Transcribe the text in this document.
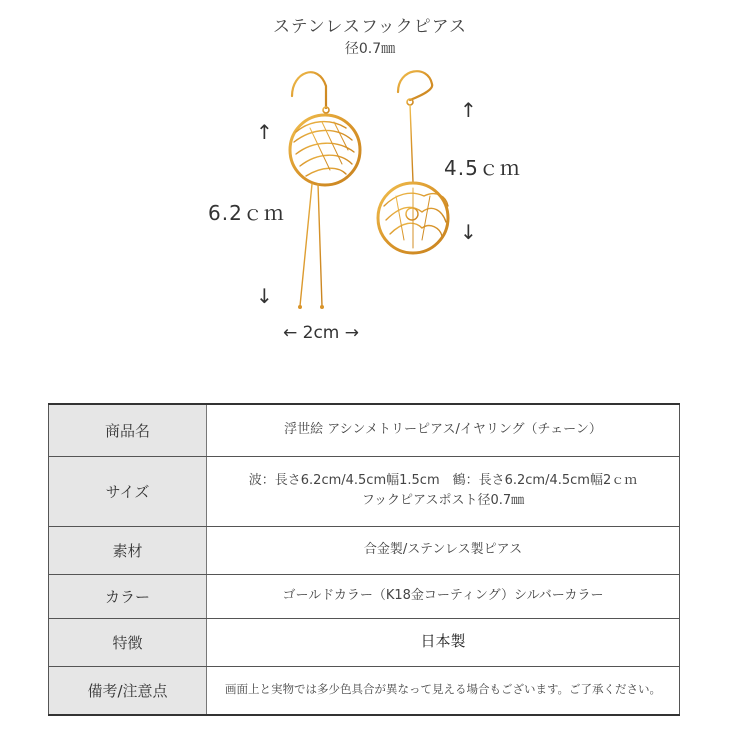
ステンレスフックピアス
径0.7㎜
↑
↓
↑
↓
6.2ｃｍ
4.5ｃｍ
← 2cm →
商品名	浮世絵 アシンメトリーピアス/イヤリング（チェーン）
サイズ	波：長さ6.2cm/4.5cm幅1.5cm　鶴：長さ6.2cm/4.5cm幅2ｃｍ
フックピアスポスト径0.7㎜

素材	合金製/ステンレス製ピアス
カラー	ゴールドカラー（K18金コーティング）シルバーカラー
特徴	日本製
備考/注意点	画面上と実物では多少色具合が異なって見える場合もございます。ご了承ください。
